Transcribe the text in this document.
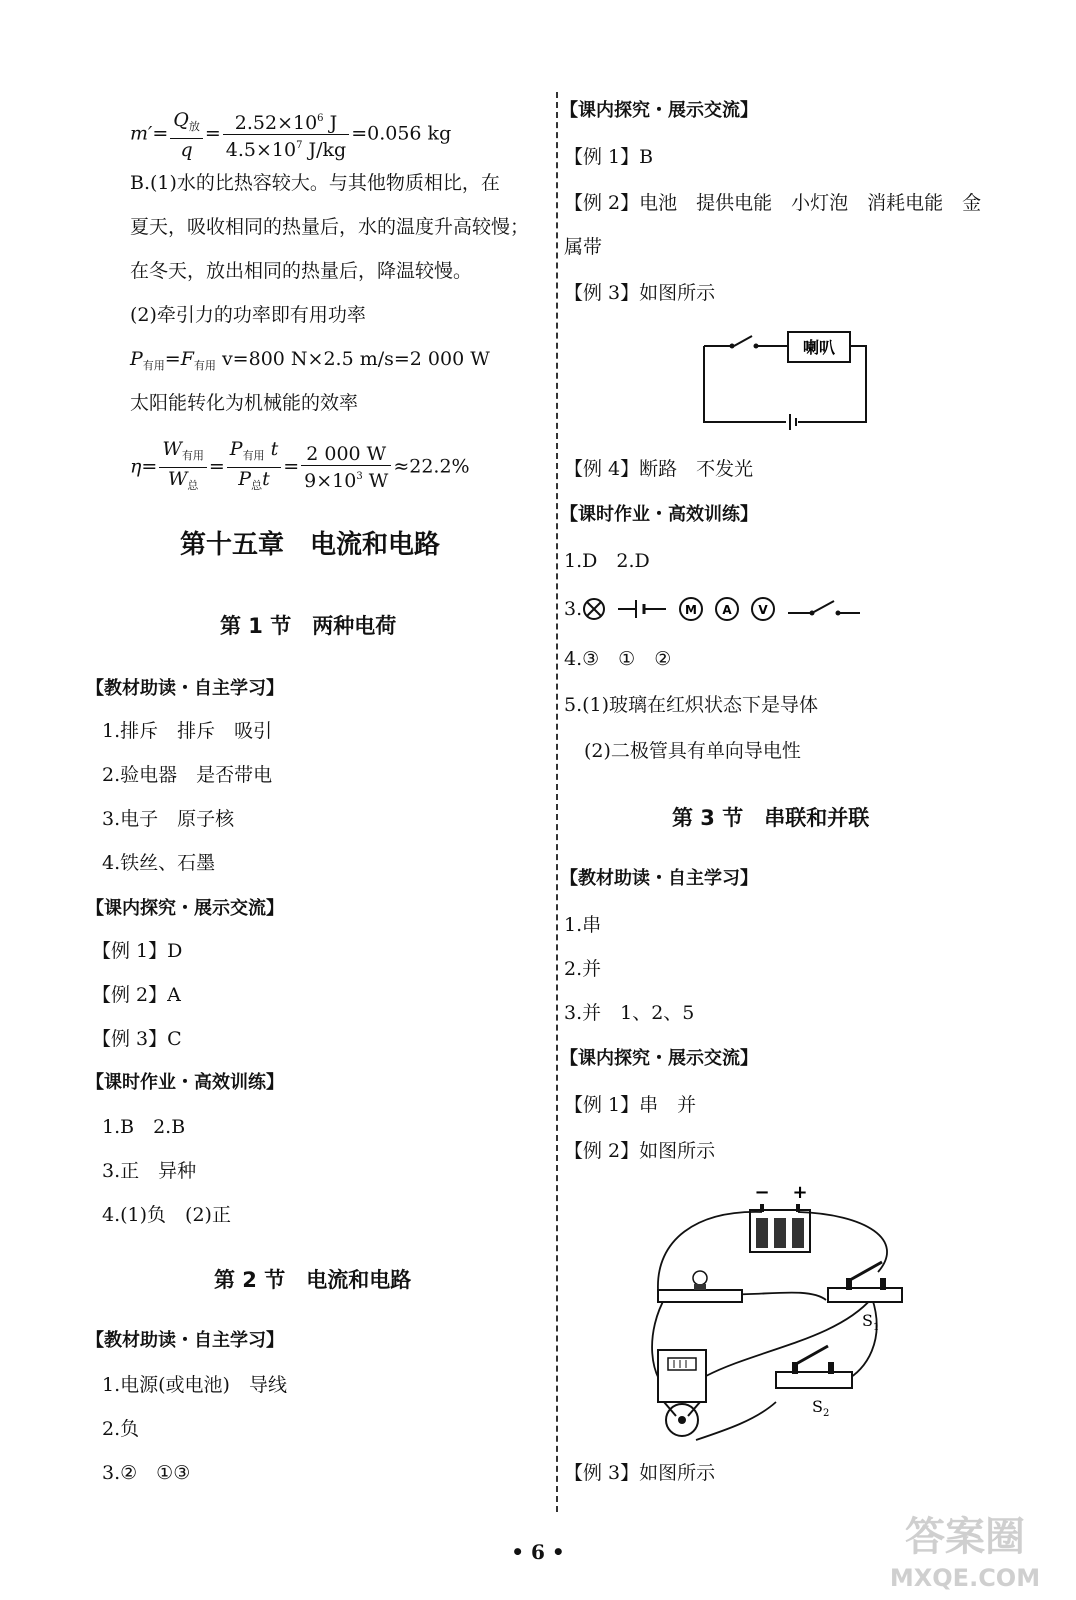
$m'= \frac{Q_放}{q} = \frac{2.52\times 10^6 J}{4.5\times 10^7 J/kg} =0.056$ kg
B.(1)水的比热容较大。与其他物质相比，在
夏天，吸收相同的热量后，水的温度升高较慢；
在冬天，放出相同的热量后，降温较慢。
(2)牵引力的功率即有用功率
$P_{有用}=F_{有用}$ v=800 N×2.5 m/s=2 000 W
太阳能转化为机械能的效率
$\eta= \frac{W_{有用}}{W_总} = \frac{P_{有用} t}{P_总t} = \frac{2 000 W}{9\times 10^3 W} \approx 22.2\%$
第十五章　电流和电路
第 1 节　两种电荷
【教材助读・自主学习】
1.排斥　排斥　吸引
2.验电器　是否带电
3.电子　原子核
4.铁丝、石墨
【课内探究・展示交流】
【例 1】D
【例 2】A
【例 3】C
【课时作业・高效训练】
1.B　2.B
3.正　异种
4.(1)负　(2)正
第 2 节　电流和电路
【教材助读・自主学习】
1.电源(或电池)　导线
2.负
3.②　①③
【课内探究・展示交流】
【例 1】B
【例 2】电池　提供电能　小灯泡　消耗电能　金
属带
【例 3】如图所示
喇叭
【例 4】断路　不发光
【课时作业・高效训练】
1.D　2.D
3.	M A V
4.③　①　②
5.(1)玻璃在红炽状态下是导体
(2)二极管具有单向导电性
第 3 节　串联和并联
【教材助读・自主学习】
1.串
2.并
3.并　1、2、5
【课内探究・展示交流】
【例 1】串　并
【例 2】如图所示
− +
$S_1$
$S_2$
【例 3】如图所示
• 6 •	答案圈
MXQE.COM
